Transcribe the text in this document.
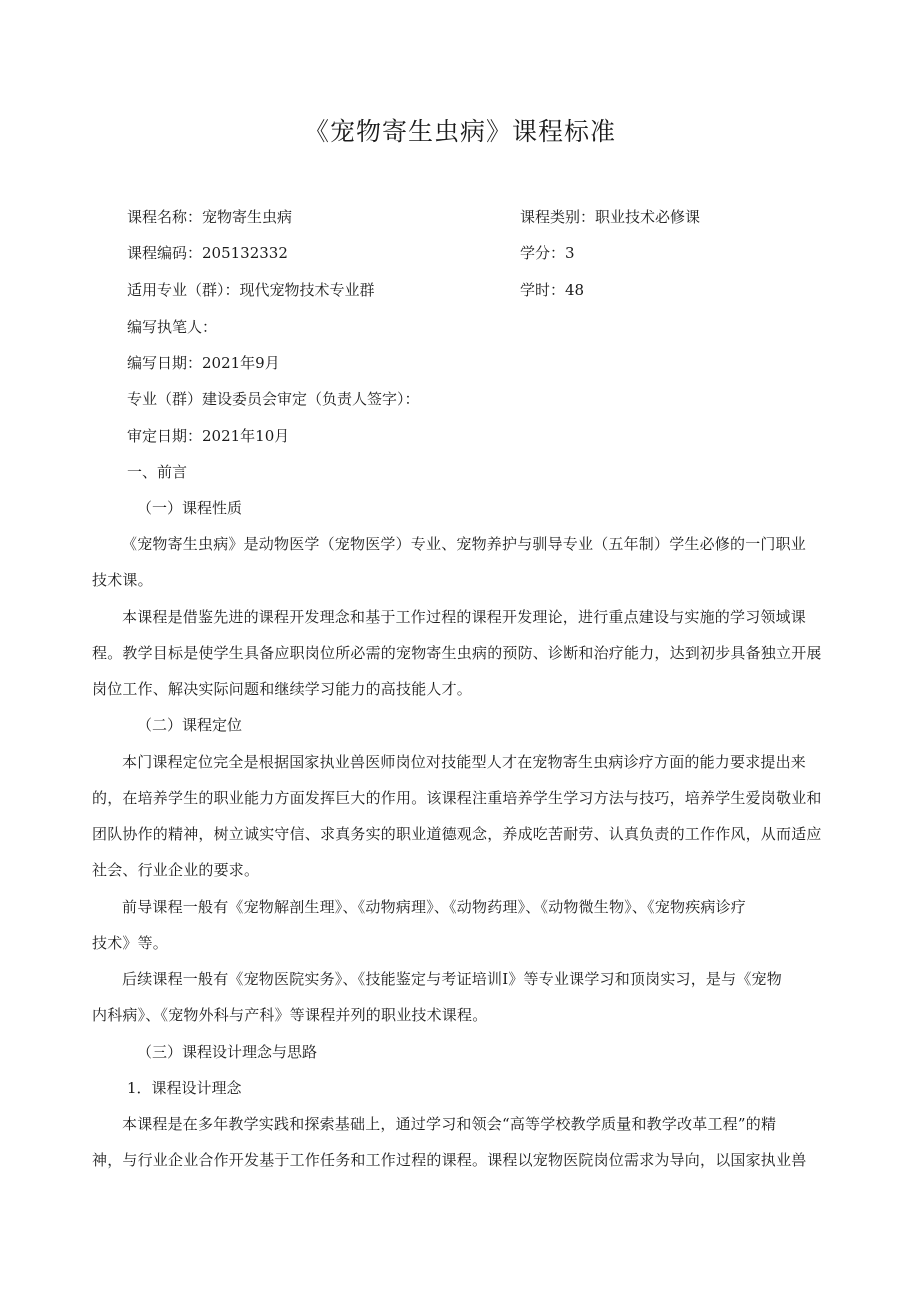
《宠物寄生虫病》课程标准
课程名称：宠物寄生虫病	课程类别：职业技术必修课
课程编码：205132332	学分：3
适用专业（群）：现代宠物技术专业群	学时：48
编写执笔人：
编写日期：2021年9月
专业（群）建设委员会审定（负责人签字）：
审定日期：2021年10月
一、前言
（一）课程性质
《宠物寄生虫病》是动物医学（宠物医学）专业、宠物养护与驯导专业（五年制）学生必修的一门职业
技术课。
本课程是借鉴先进的课程开发理念和基于工作过程的课程开发理论，进行重点建设与实施的学习领域课
程。教学目标是使学生具备应职岗位所必需的宠物寄生虫病的预防、诊断和治疗能力，达到初步具备独立开展
岗位工作、解决实际问题和继续学习能力的高技能人才。
（二）课程定位
本门课程定位完全是根据国家执业兽医师岗位对技能型人才在宠物寄生虫病诊疗方面的能力要求提出来
的，在培养学生的职业能力方面发挥巨大的作用。该课程注重培养学生学习方法与技巧，培养学生爱岗敬业和
团队协作的精神，树立诚实守信、求真务实的职业道德观念，养成吃苦耐劳、认真负责的工作作风，从而适应
社会、行业企业的要求。
前导课程一般有《宠物解剖生理》、《动物病理》、《动物药理》、《动物微生物》、《宠物疾病诊疗
技术》等。
后续课程一般有《宠物医院实务》、《技能鉴定与考证培训Ⅰ》等专业课学习和顶岗实习，是与《宠物
内科病》、《宠物外科与产科》等课程并列的职业技术课程。
（三）课程设计理念与思路
1．课程设计理念
本课程是在多年教学实践和探索基础上，通过学习和领会“高等学校教学质量和教学改革工程”的精
神，与行业企业合作开发基于工作任务和工作过程的课程。课程以宠物医院岗位需求为导向，以国家执业兽
